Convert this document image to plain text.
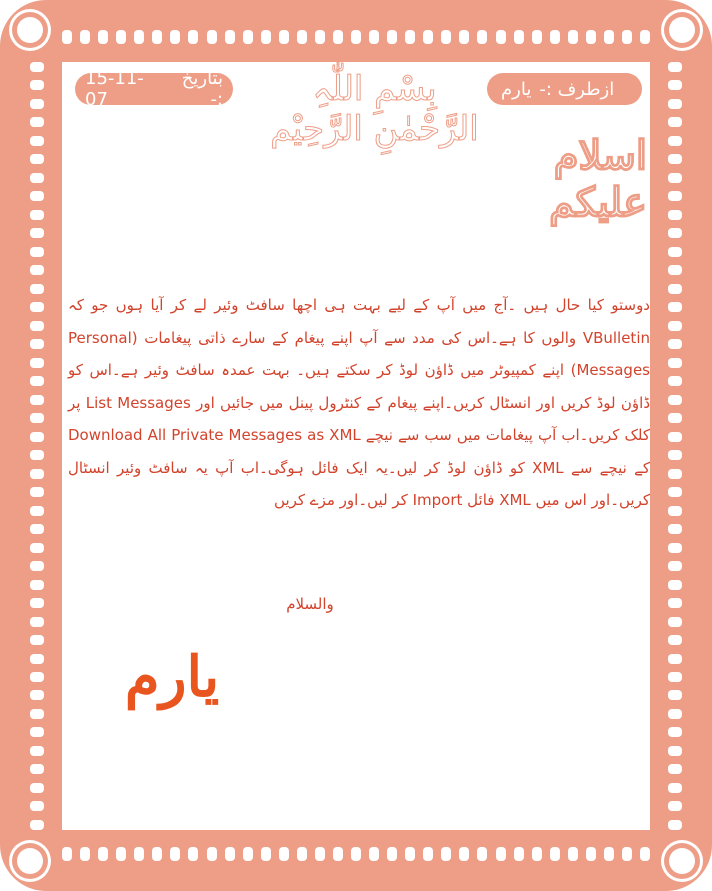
15-11-07
بتاریخ :-	بِسْمِ اللّٰہِ الرَّحْمٰنِ الرَّحِیْم
ازطرف :-
یارم
اسلام علیکم
دوستو کیا حال ہیں ۔آج میں آپ کے لیے بہت ہی اچھا سافٹ وئیر لے کر آیا ہوں جو کہ VBulletin والوں کا ہے۔اس کی مدد سے آپ اپنے پیغام کے سارے ذاتی پیغامات (Personal Messages) اپنے کمپیوٹر میں ڈاؤن لوڈ کر سکتے ہیں۔ بہت عمدہ سافٹ وئیر ہے۔اس کو ڈاؤن لوڈ کریں اور انسٹال کریں۔اپنے پیغام کے کنٹرول پینل میں جائیں اور List Messages پر کلک کریں۔اب آپ پیغامات میں سب سے نیچے Download All Private Messages as XML کے نیچے سے XML کو ڈاؤن لوڈ کر لیں۔یہ ایک فائل ہوگی۔اب آپ یہ سافٹ وئیر انسٹال کریں۔اور اس میں XML فائل Import کر لیں۔اور مزے کریں
والسلام
یارم
